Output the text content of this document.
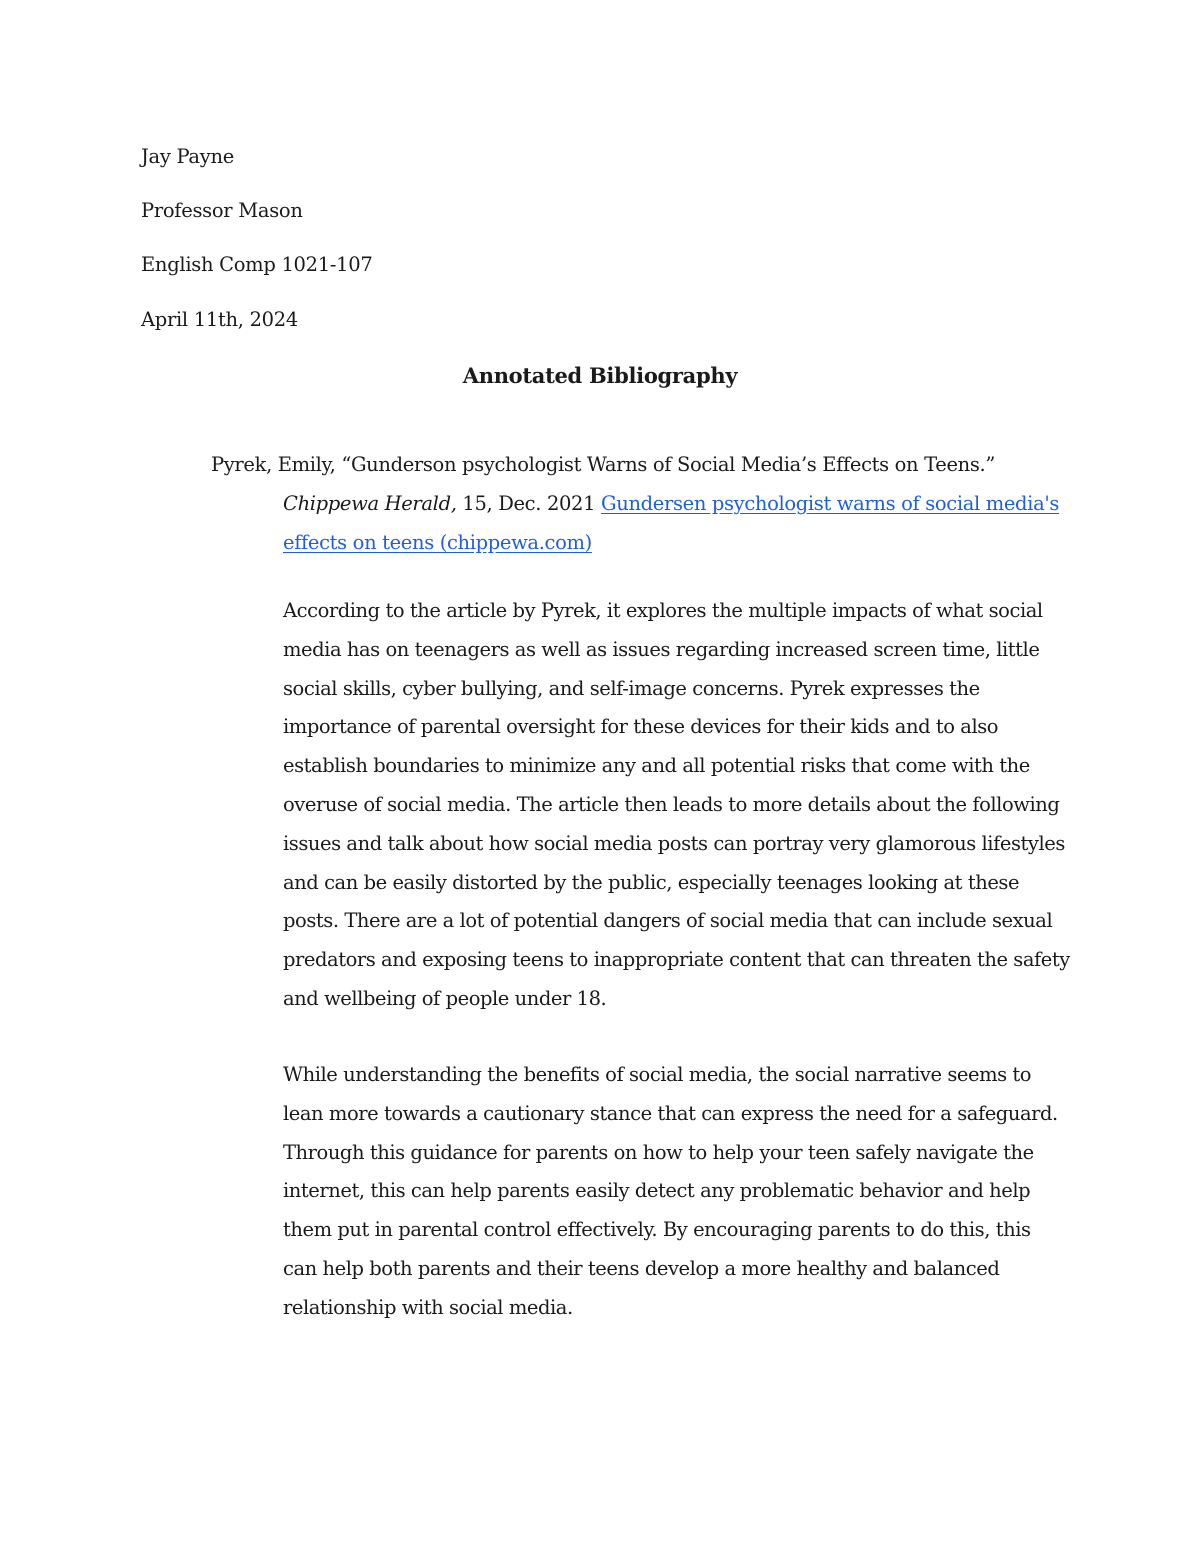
Jay Payne
Professor Mason
English Comp 1021-107
April 11th, 2024
Annotated Bibliography
Pyrek, Emily, “Gunderson psychologist Warns of Social Media’s Effects on Teens.”
Chippewa Herald, 15, Dec. 2021 Gundersen psychologist warns of social media's
effects on teens (chippewa.com)
According to the article by Pyrek, it explores the multiple impacts of what social
media has on teenagers as well as issues regarding increased screen time, little
social skills, cyber bullying, and self-image concerns. Pyrek expresses the
importance of parental oversight for these devices for their kids and to also
establish boundaries to minimize any and all potential risks that come with the
overuse of social media. The article then leads to more details about the following
issues and talk about how social media posts can portray very glamorous lifestyles
and can be easily distorted by the public, especially teenages looking at these
posts. There are a lot of potential dangers of social media that can include sexual
predators and exposing teens to inappropriate content that can threaten the safety
and wellbeing of people under 18.
While understanding the benefits of social media, the social narrative seems to
lean more towards a cautionary stance that can express the need for a safeguard.
Through this guidance for parents on how to help your teen safely navigate the
internet, this can help parents easily detect any problematic behavior and help
them put in parental control effectively. By encouraging parents to do this, this
can help both parents and their teens develop a more healthy and balanced
relationship with social media.
